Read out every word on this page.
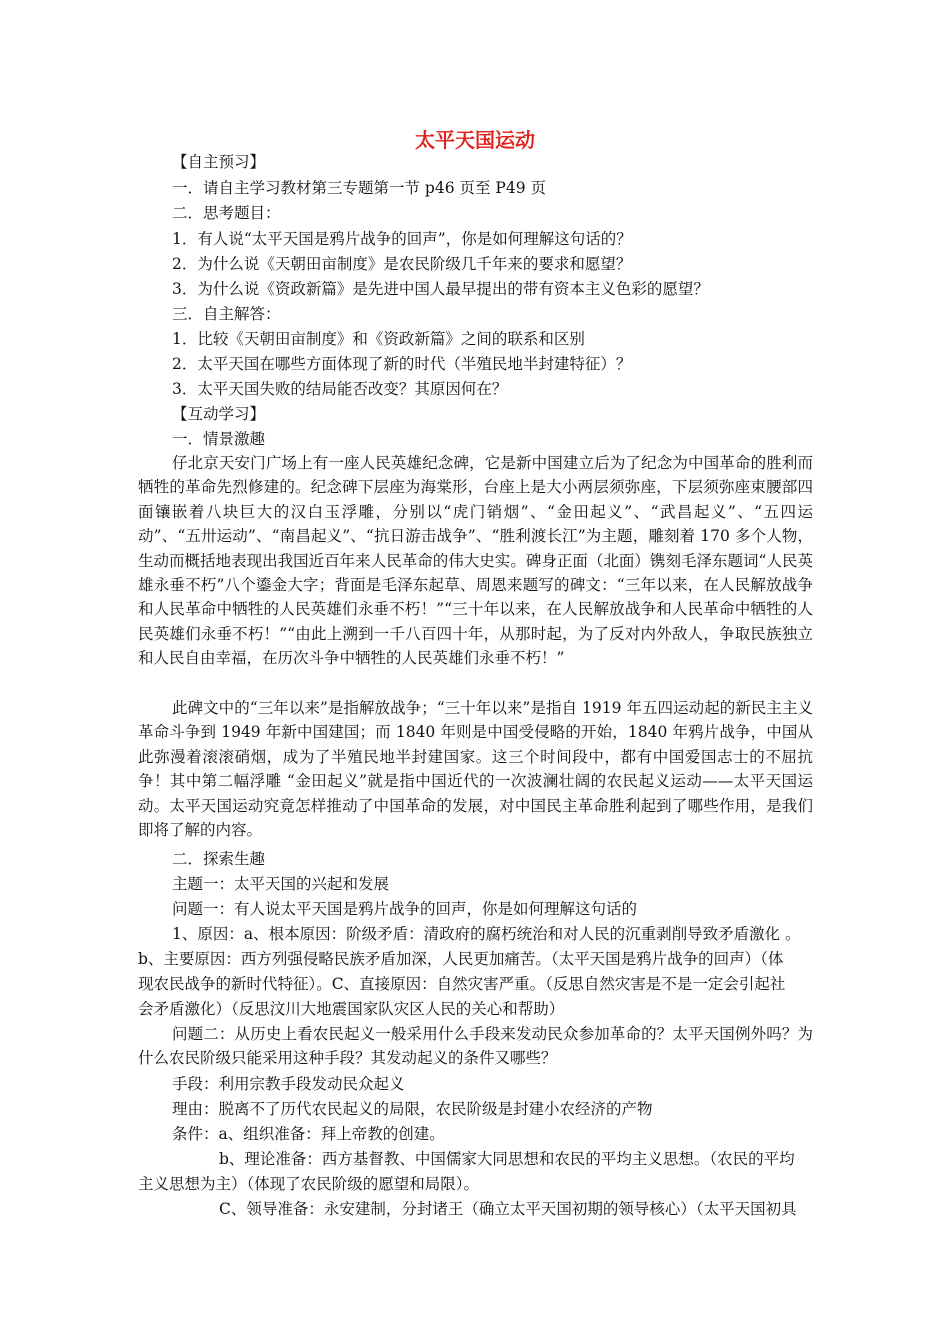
太平天国运动
【自主预习】
一．请自主学习教材第三专题第一节 p46 页至 P49 页
二．思考题目：
1．有人说“太平天国是鸦片战争的回声”，你是如何理解这句话的？
2．为什么说《天朝田亩制度》是农民阶级几千年来的要求和愿望？
3．为什么说《资政新篇》是先进中国人最早提出的带有资本主义色彩的愿望？
三．自主解答：
1．比较《天朝田亩制度》和《资政新篇》之间的联系和区别
2．太平天国在哪些方面体现了新的时代（半殖民地半封建特征）？
3．太平天国失败的结局能否改变？其原因何在？
【互动学习】
一．情景激趣
仔北京天安门广场上有一座人民英雄纪念碑，它是新中国建立后为了纪念为中国革命的胜利而牺牲的革命先烈修建的。纪念碑下层座为海棠形，台座上是大小两层须弥座，下层须弥座束腰部四面镶嵌着八块巨大的汉白玉浮雕，分别以“虎门销烟”、“金田起义”、“武昌起义”、“五四运动”、“五卅运动”、“南昌起义”、“抗日游击战争”、“胜利渡长江”为主题，雕刻着 170 多个人物，生动而概括地表现出我国近百年来人民革命的伟大史实。碑身正面（北面）镌刻毛泽东题词“人民英雄永垂不朽”八个鎏金大字；背面是毛泽东起草、周恩来题写的碑文：“三年以来，在人民解放战争和人民革命中牺牲的人民英雄们永垂不朽！”“三十年以来，在人民解放战争和人民革命中牺牲的人民英雄们永垂不朽！”“由此上溯到一千八百四十年，从那时起，为了反对内外敌人，争取民族独立和人民自由幸福，在历次斗争中牺牲的人民英雄们永垂不朽！”
此碑文中的“三年以来”是指解放战争；“三十年以来”是指自 1919 年五四运动起的新民主主义革命斗争到 1949 年新中国建国；而 1840 年则是中国受侵略的开始，1840 年鸦片战争，中国从此弥漫着滚滚硝烟，成为了半殖民地半封建国家。这三个时间段中，都有中国爱国志士的不屈抗争！其中第二幅浮雕 “金田起义”就是指中国近代的一次波澜壮阔的农民起义运动——太平天国运动。太平天国运动究竟怎样推动了中国革命的发展，对中国民主革命胜利起到了哪些作用，是我们即将了解的内容。
二．探索生趣
主题一：太平天国的兴起和发展
问题一：有人说太平天国是鸦片战争的回声，你是如何理解这句话的
1、原因：a、根本原因：阶级矛盾：清政府的腐朽统治和对人民的沉重剥削导致矛盾激化 。
b、主要原因：西方列强侵略民族矛盾加深，人民更加痛苦。（太平天国是鸦片战争的回声）（体
现农民战争的新时代特征）。C、直接原因：自然灾害严重。（反思自然灾害是不是一定会引起社
会矛盾激化）（反思汶川大地震国家队灾区人民的关心和帮助）
问题二：从历史上看农民起义一般采用什么手段来发动民众参加革命的？太平天国例外吗？为什么农民阶级只能采用这种手段？其发动起义的条件又哪些？
手段：利用宗教手段发动民众起义
理由：脱离不了历代农民起义的局限，农民阶级是封建小农经济的产物
条件：a、组织准备：拜上帝教的创建。
b、理论准备：西方基督教、中国儒家大同思想和农民的平均主义思想。（农民的平均
主义思想为主）（体现了农民阶级的愿望和局限）。
C、领导准备：永安建制，分封诸王（确立太平天国初期的领导核心）（太平天国初具
